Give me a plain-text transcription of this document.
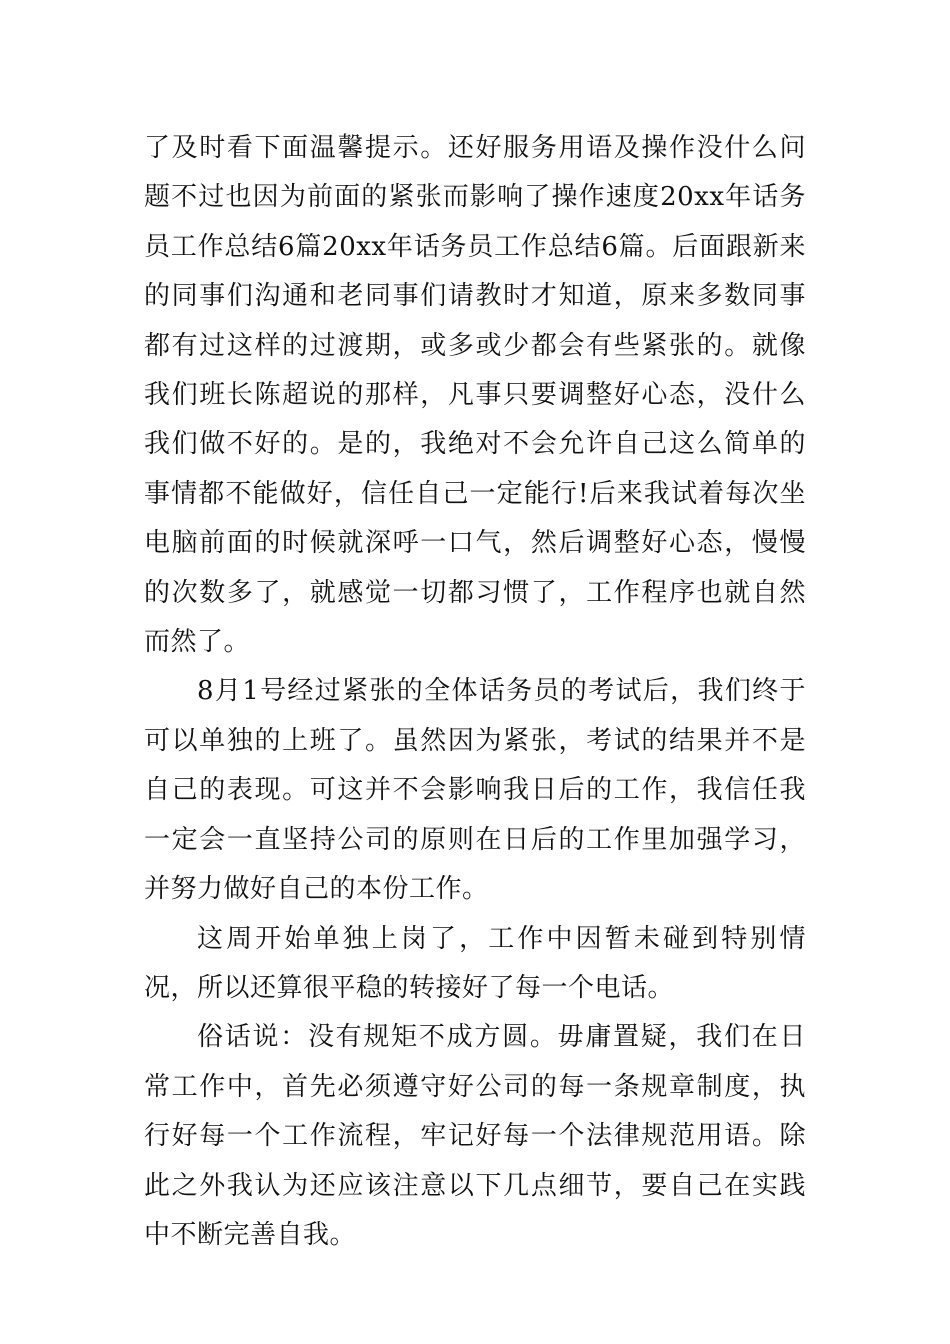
了及时看下面温馨提示。还好服务用语及操作没什么问题不过也因为前面的紧张而影响了操作速度20xx年话务员工作总结6篇20xx年话务员工作总结6篇。后面跟新来的同事们沟通和老同事们请教时才知道，原来多数同事都有过这样的过渡期，或多或少都会有些紧张的。就像我们班长陈超说的那样，凡事只要调整好心态，没什么我们做不好的。是的，我绝对不会允许自己这么简单的事情都不能做好，信任自己一定能行!后来我试着每次坐电脑前面的时候就深呼一口气，然后调整好心态，慢慢的次数多了，就感觉一切都习惯了，工作程序也就自然而然了。

8月1号经过紧张的全体话务员的考试后，我们终于可以单独的上班了。虽然因为紧张，考试的结果并不是自己的表现。可这并不会影响我日后的工作，我信任我一定会一直坚持公司的原则在日后的工作里加强学习，并努力做好自己的本份工作。

这周开始单独上岗了，工作中因暂未碰到特别情况，所以还算很平稳的转接好了每一个电话。

俗话说：没有规矩不成方圆。毋庸置疑，我们在日常工作中，首先必须遵守好公司的每一条规章制度，执行好每一个工作流程，牢记好每一个法律规范用语。除此之外我认为还应该注意以下几点细节，要自己在实践中不断完善自我。
